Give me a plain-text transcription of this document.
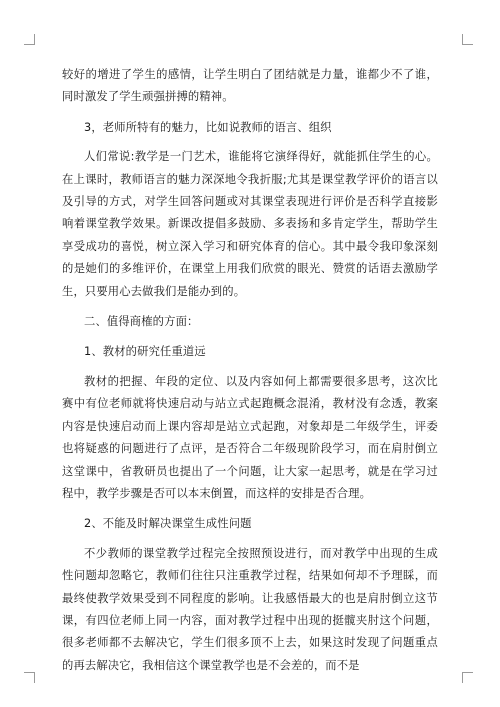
较好的增进了学生的感情，让学生明白了团结就是力量，谁都少不了谁，同时激发了学生顽强拼搏的精神。

3，老师所特有的魅力，比如说教师的语言、组织

人们常说:教学是一门艺术，谁能将它演绎得好，就能抓住学生的心。在上课时，教师语言的魅力深深地令我折服;尤其是课堂教学评价的语言以及引导的方式，对学生回答问题或对其课堂表现进行评价是否科学直接影响着课堂教学效果。新课改提倡多鼓励、多表扬和多肯定学生，帮助学生享受成功的喜悦，树立深入学习和研究体育的信心。其中最令我印象深刻的是她们的多维评价，在课堂上用我们欣赏的眼光、赞赏的话语去激励学生，只要用心去做我们是能办到的。

二、值得商榷的方面：

1、教材的研究任重道远

教材的把握、年段的定位、以及内容如何上都需要很多思考，这次比赛中有位老师就将快速启动与站立式起跑概念混淆，教材没有念透，教案内容是快速启动而上课内容却是站立式起跑，对象却是二年级学生，评委也将疑惑的问题进行了点评，是否符合二年级现阶段学习，而在肩肘倒立这堂课中，省教研员也提出了一个问题，让大家一起思考，就是在学习过程中，教学步骤是否可以本末倒置，而这样的安排是否合理。

2、不能及时解决课堂生成性问题

不少教师的课堂教学过程完全按照预设进行，而对教学中出现的生成性问题却忽略它，教师们往往只注重教学过程，结果如何却不予理睬，而最终使教学效果受到不同程度的影响。让我感悟最大的也是肩肘倒立这节课，有四位老师上同一内容，面对教学过程中出现的挺髋夹肘这个问题，很多老师都不去解决它，学生们很多顶不上去，如果这时发现了问题重点的再去解决它，我相信这个课堂教学也是不会差的，而不是
